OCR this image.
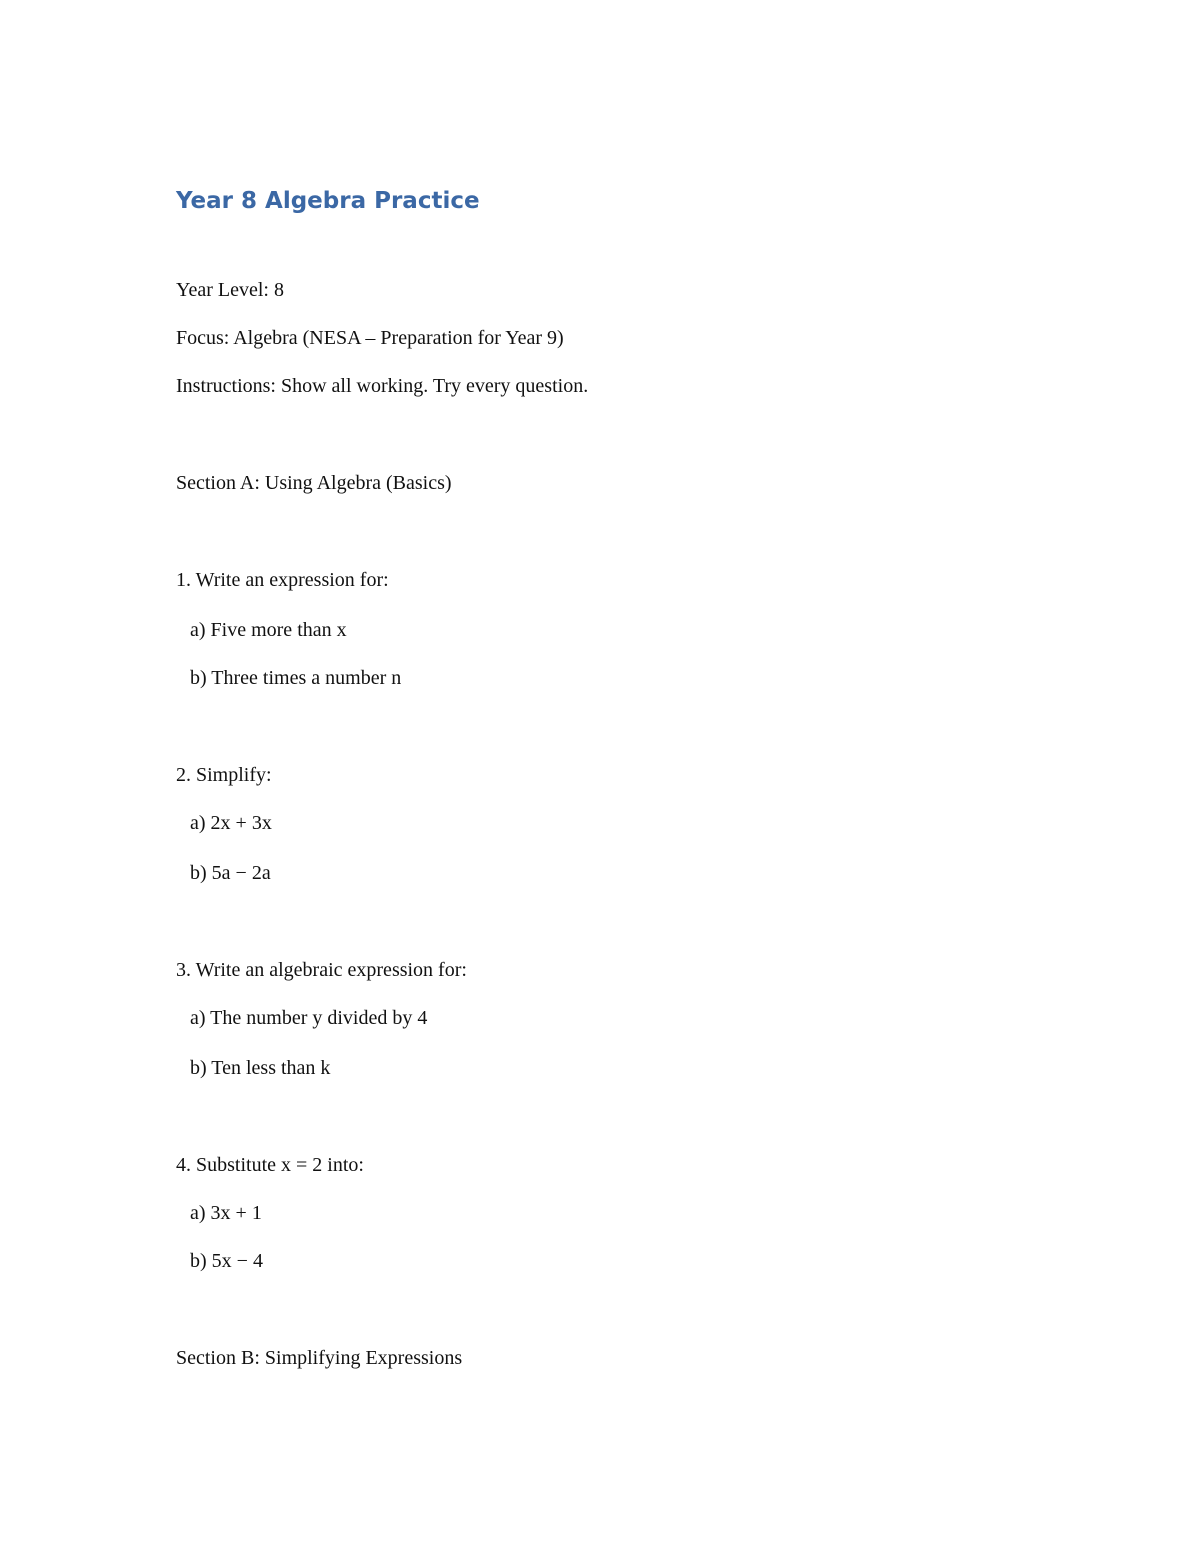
Year 8 Algebra Practice
Year Level: 8
Focus: Algebra (NESA – Preparation for Year 9)
Instructions: Show all working. Try every question.
Section A: Using Algebra (Basics)
1. Write an expression for:
a) Five more than x
b) Three times a number n
2. Simplify:
a) 2x + 3x
b) 5a − 2a
3. Write an algebraic expression for:
a) The number y divided by 4
b) Ten less than k
4. Substitute x = 2 into:
a) 3x + 1
b) 5x − 4
Section B: Simplifying Expressions
